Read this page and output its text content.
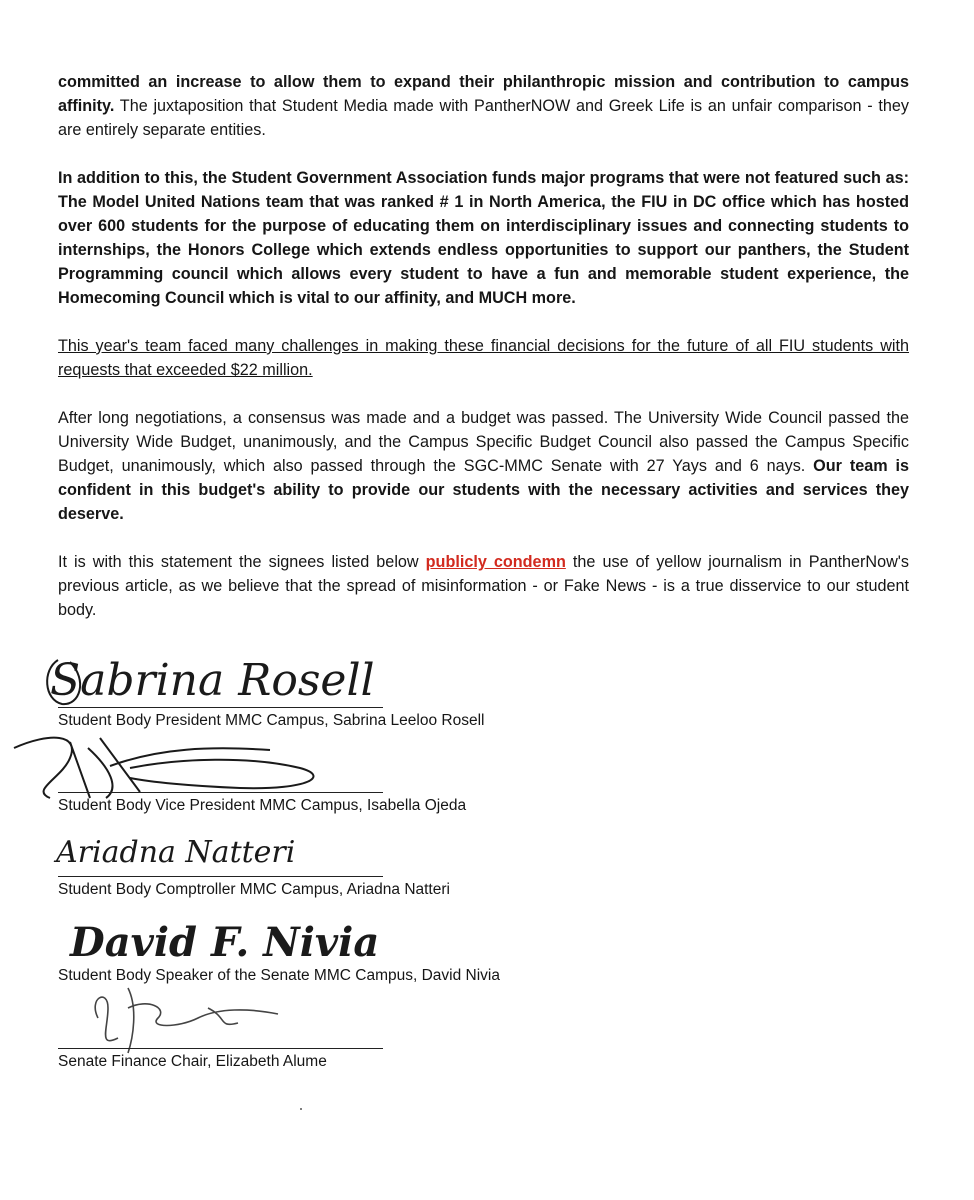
committed an increase to allow them to expand their philanthropic mission and contribution to campus affinity. The juxtaposition that Student Media made with PantherNOW and Greek Life is an unfair comparison - they are entirely separate entities.

In addition to this, the Student Government Association funds major programs that were not featured such as: The Model United Nations team that was ranked # 1 in North America, the FIU in DC office which has hosted over 600 students for the purpose of educating them on interdisciplinary issues and connecting students to internships, the Honors College which extends endless opportunities to support our panthers, the Student Programming council which allows every student to have a fun and memorable student experience, the Homecoming Council which is vital to our affinity, and MUCH more.

This year's team faced many challenges in making these financial decisions for the future of all FIU students with requests that exceeded $22 million.

After long negotiations, a consensus was made and a budget was passed. The University Wide Council passed the University Wide Budget, unanimously, and the Campus Specific Budget Council also passed the Campus Specific Budget, unanimously, which also passed through the SGC-MMC Senate with 27 Yays and 6 nays. Our team is confident in this budget's ability to provide our students with the necessary activities and services they deserve.

It is with this statement the signees listed below publicly condemn the use of yellow journalism in PantherNow's previous article, as we believe that the spread of misinformation - or Fake News - is a true disservice to our student body.

Sabrina Rosell
Student Body President MMC Campus, Sabrina Leeloo Rosell
Student Body Vice President MMC Campus, Isabella Ojeda
Ariadna Natteri
Student Body Comptroller MMC Campus, Ariadna Natteri
David F. Nivia
Student Body Speaker of the Senate MMC Campus, David Nivia
Senate Finance Chair, Elizabeth Alume
